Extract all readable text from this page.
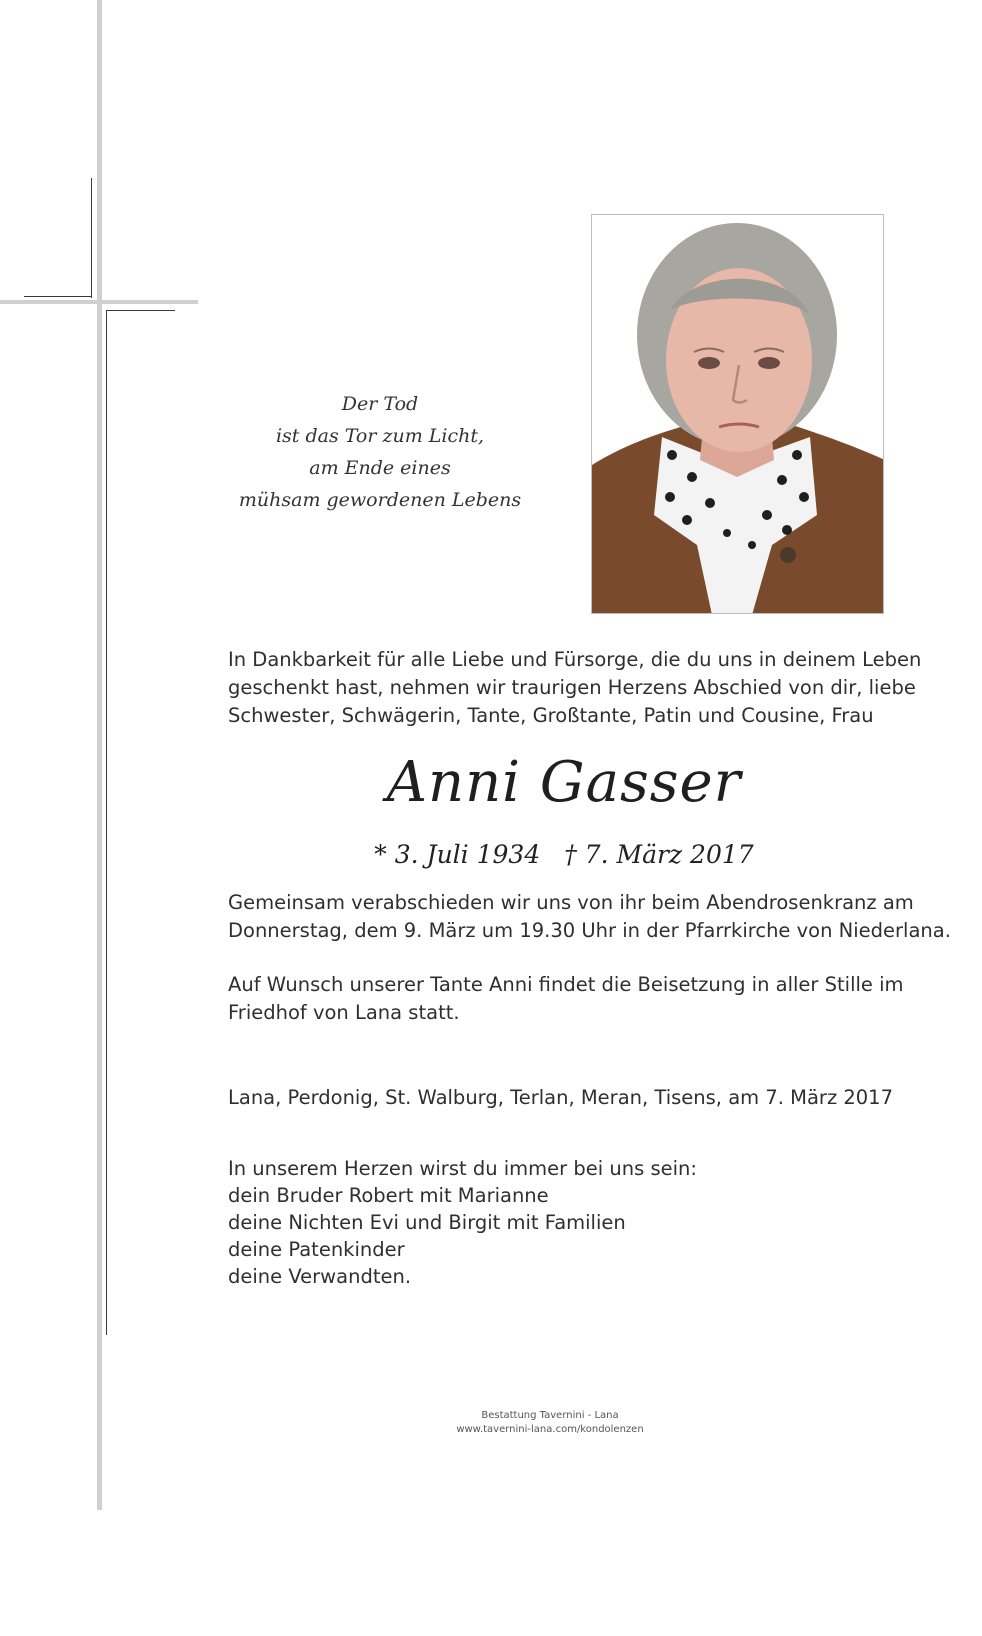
Der Tod
ist das Tor zum Licht,
am Ende eines
mühsam gewordenen Lebens
In Dankbarkeit für alle Liebe und Fürsorge, die du uns in deinem Leben
geschenkt hast, nehmen wir traurigen Herzens Abschied von dir, liebe
Schwester, Schwägerin, Tante, Großtante, Patin und Cousine, Frau
Anni Gasser
* 3. Juli 1934 † 7. März 2017
Gemeinsam verabschieden wir uns von ihr beim Abendrosenkranz am
Donnerstag, dem 9. März um 19.30 Uhr in der Pfarrkirche von Niederlana.
Auf Wunsch unserer Tante Anni findet die Beisetzung in aller Stille im
Friedhof von Lana statt.
Lana, Perdonig, St. Walburg, Terlan, Meran, Tisens, am 7. März 2017
In unserem Herzen wirst du immer bei uns sein:
dein Bruder Robert mit Marianne
deine Nichten Evi und Birgit mit Familien
deine Patenkinder
deine Verwandten.
Bestattung Tavernini - Lana
www.tavernini-lana.com/kondolenzen
